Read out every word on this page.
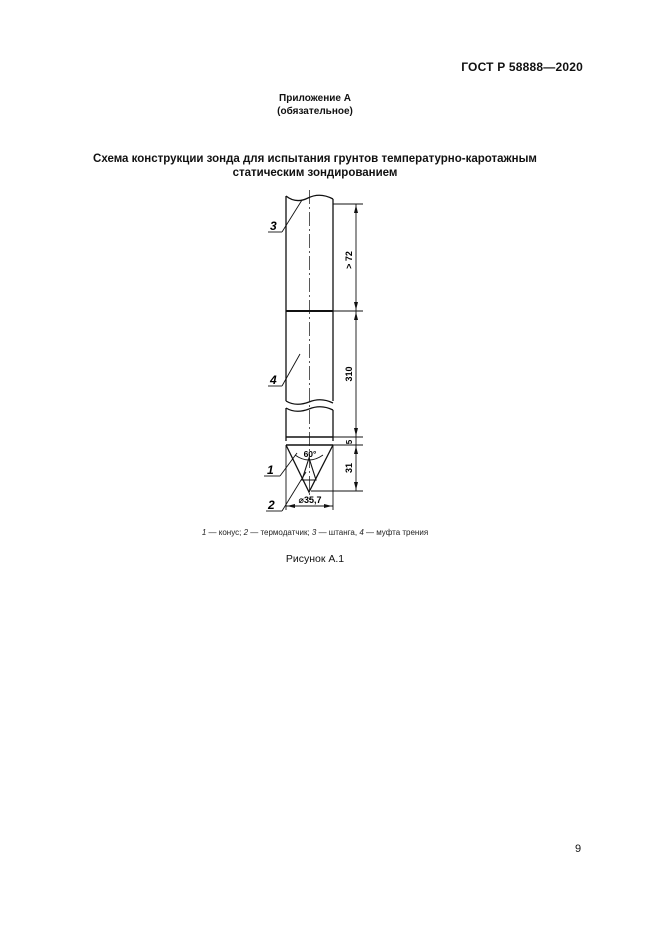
ГОСТ Р 58888—2020
Приложение А
(обязательное)
Схема конструкции зонда для испытания грунтов температурно-каротажным
статическим зондированием
> 72
310
5
31
⌀35,7
60°
3
4
1
2
1 — конус; 2 — термодатчик; 3 — штанга, 4 — муфта трения
Рисунок А.1
9
